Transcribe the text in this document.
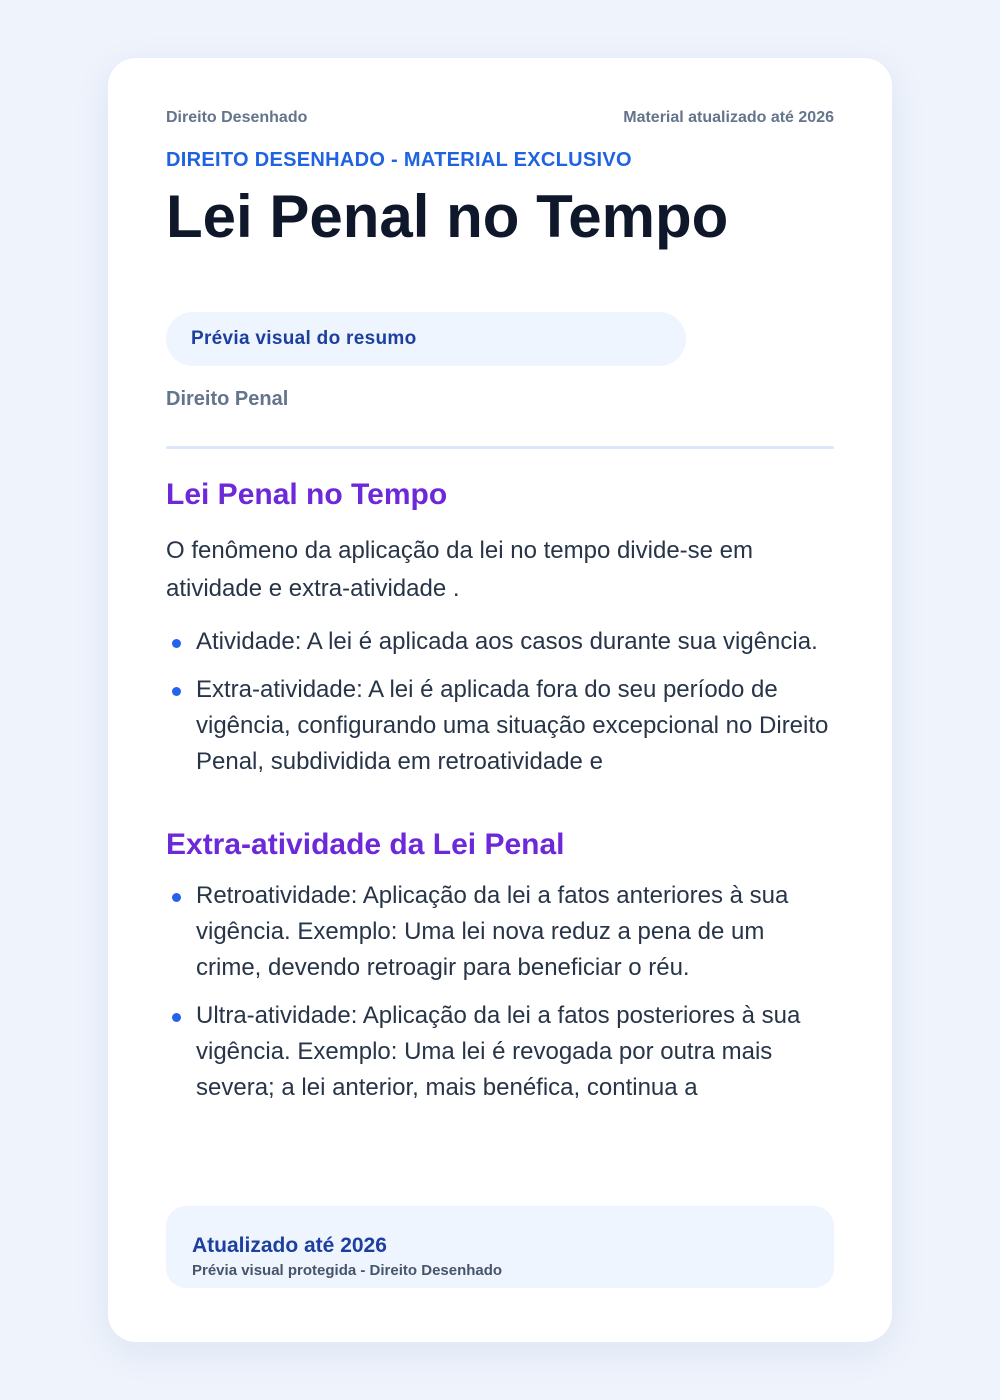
Direito Desenhado	Material atualizado até 2026
DIREITO DESENHADO - MATERIAL EXCLUSIVO
Lei Penal no Tempo
Prévia visual do resumo
Direito Penal
Lei Penal no Tempo

O fenômeno da aplicação da lei no tempo divide-se em atividade e extra-atividade .

Atividade: A lei é aplicada aos casos durante sua vigência.
Extra-atividade: A lei é aplicada fora do seu período de vigência, configurando uma situação excepcional no Direito Penal, subdividida em retroatividade e
Extra-atividade da Lei Penal
Retroatividade: Aplicação da lei a fatos anteriores à sua vigência. Exemplo: Uma lei nova reduz a pena de um crime, devendo retroagir para beneficiar o réu.
Ultra-atividade: Aplicação da lei a fatos posteriores à sua vigência. Exemplo: Uma lei é revogada por outra mais severa; a lei anterior, mais benéfica, continua a
Atualizado até 2026
Prévia visual protegida - Direito Desenhado
